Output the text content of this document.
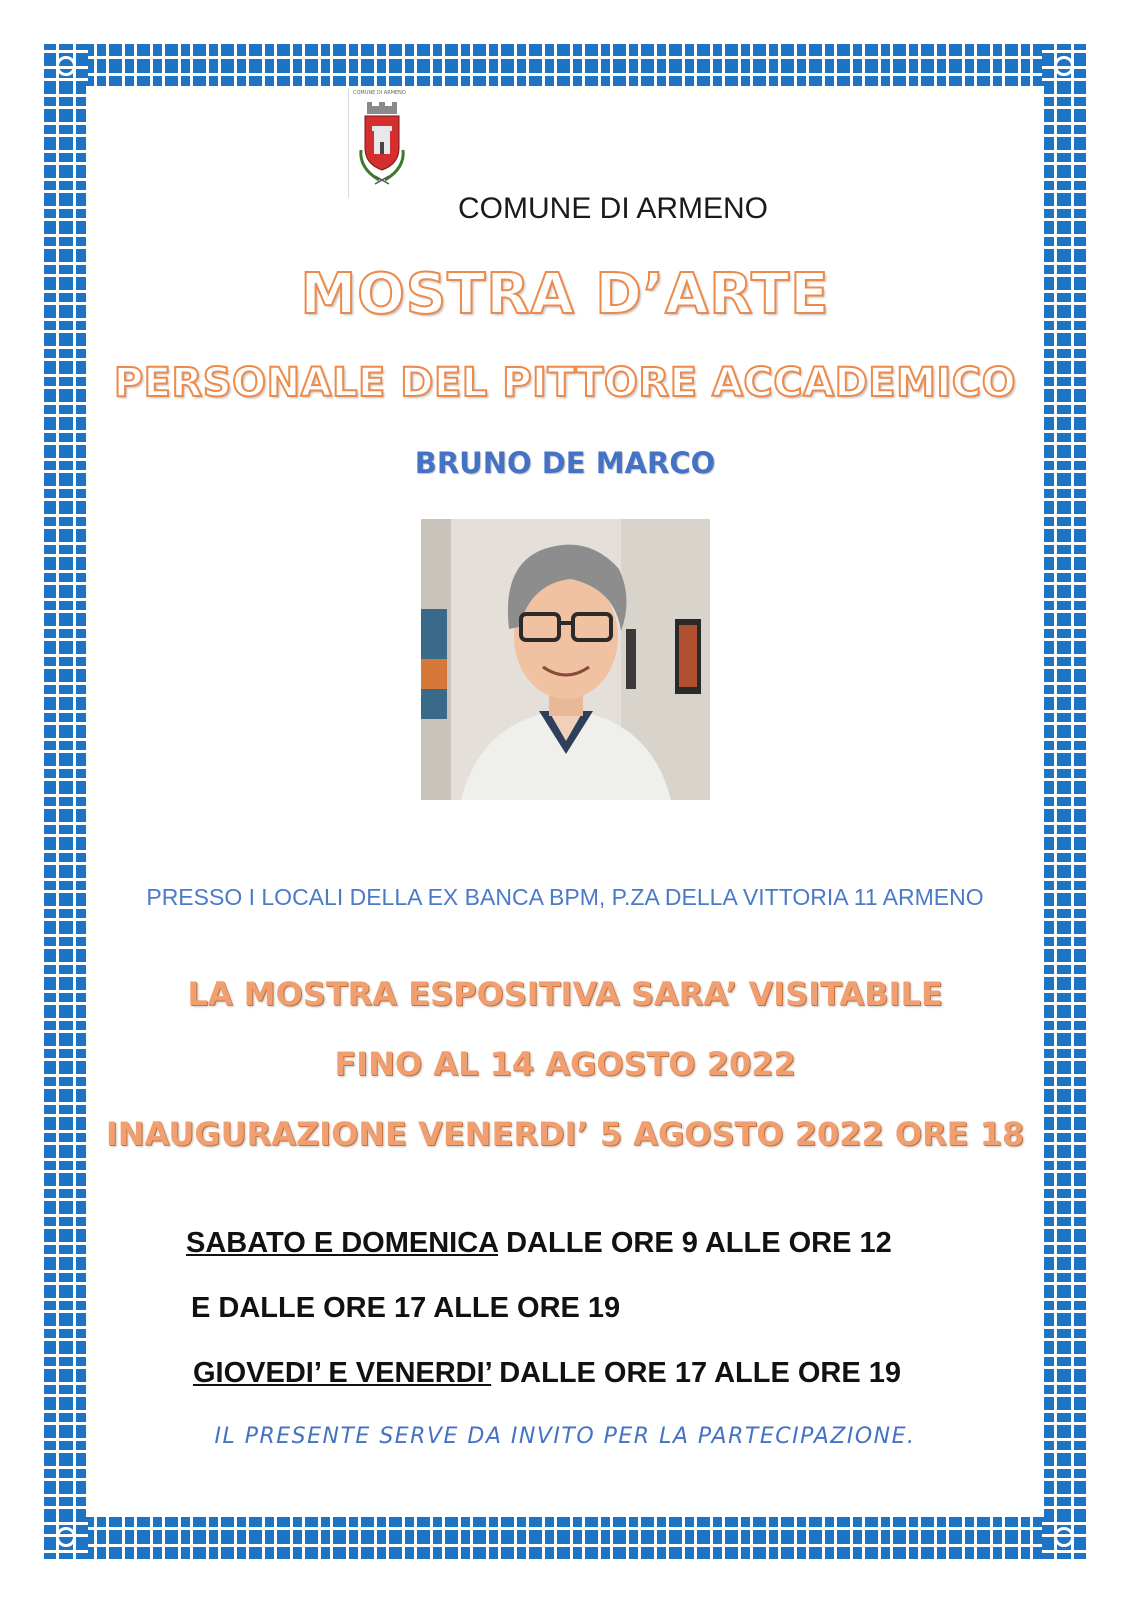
COMUNE DI ARMENO
COMUNE DI ARMENO
MOSTRA D’ARTE
PERSONALE DEL PITTORE ACCADEMICO
BRUNO DE MARCO
PRESSO I LOCALI DELLA EX BANCA BPM, P.ZA DELLA VITTORIA 11 ARMENO
LA MOSTRA ESPOSITIVA SARA’ VISITABILE
FINO AL 14 AGOSTO 2022
INAUGURAZIONE VENERDI’ 5 AGOSTO 2022 ORE 18
SABATO E DOMENICA DALLE ORE 9 ALLE ORE 12
E DALLE ORE 17 ALLE ORE 19
GIOVEDI’ E VENERDI’ DALLE ORE 17 ALLE ORE 19
IL PRESENTE SERVE DA INVITO PER LA PARTECIPAZIONE.
